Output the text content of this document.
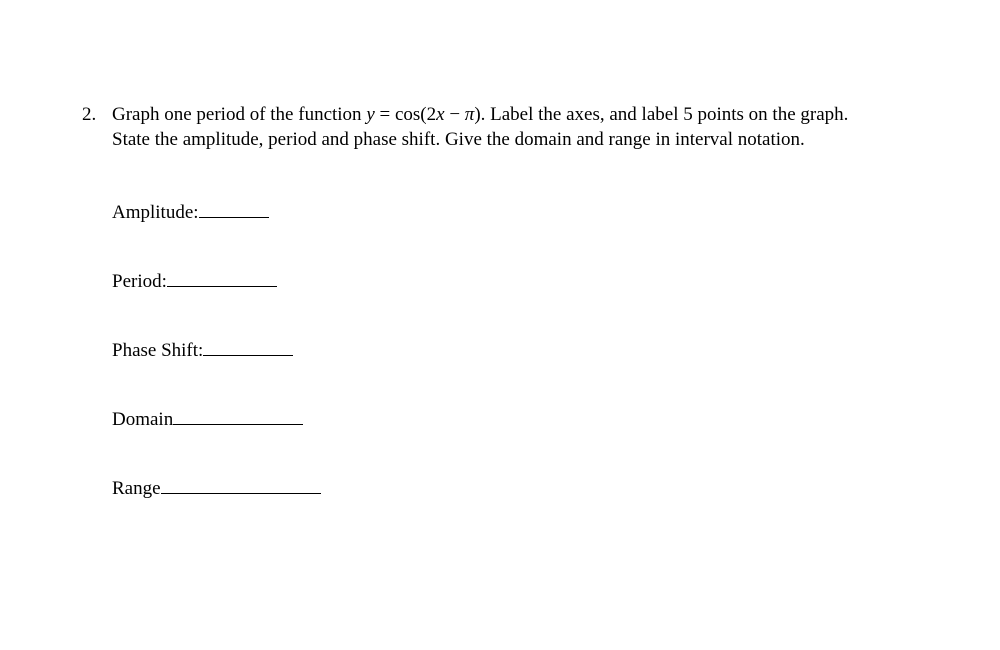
2. Graph one period of the function y = cos(2x − π). Label the axes, and label 5 points on the graph. State the amplitude, period and phase shift. Give the domain and range in interval notation.
Amplitude:
Period:
Phase Shift:
Domain
Range
